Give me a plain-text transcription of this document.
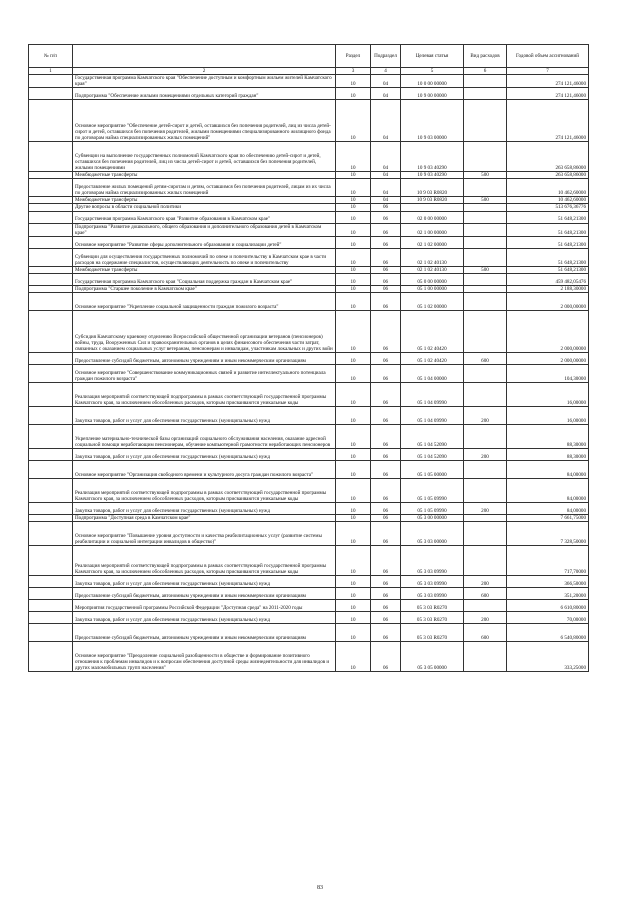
№ п/п		Раздел	Подраздел	Целевая статья	Вид расходов	Годовой объем ассигнований
1	2	3	4	5	6	7
	Государственная программа Камчатского края "Обеспечение доступным и комфортным жильем жителей Камчатского края"	10	04	10 0 00 00000		274 121,46000
	Подпрограмма "Обеспечение жилыми помещениями отдельных категорий граждан"	10	04	10 9 00 00000		274 121,46000
	Основное мероприятие "Обеспечение детей-сирот и детей, оставшихся без попечения родителей, лиц из числа детей-сирот и детей, оставшихся без попечения родителей, жилыми помещениями специализированного жилищного фонда по договорам найма специализированных жилых помещений"	10	04	10 9 03 00000		274 121,46000
	Субвенции на выполнение государственных полномочий Камчатского края по обеспечению детей-сирот и детей, оставшихся без попечения родителей, лиц из числа детей-сирот и детей, оставшихся без попечения родителей, жилыми помещениями	10	04	10 9 03 40290		263 658,86000
	Межбюджетные трансферты	10	04	10 9 03 40290	500	263 658,86000
	Предоставление жилых помещений детям-сиротам и детям, оставшимся без попечения родителей, лицам из их числа по договорам найма специализированных жилых помещений	10	04	10 9 03 R0820		10 462,60000
	Межбюджетные трансферты	10	04	10 9 03 R0820	500	10 462,60000
	Другие вопросы в области социальной политики	10	06			513 676,36776
	Государственная программа Камчатского края "Развитие образования в Камчатском крае"	10	06	02 0 00 00000		51 648,21300
	Подпрограмма "Развитие дошкольного, общего образования и дополнительного образования детей в Камчатском крае"	10	06	02 1 00 00000		51 648,21300
	Основное мероприятие "Развитие сферы дополнительного образования и социализации детей"	10	06	02 1 02 00000		51 648,21300
	Субвенции для осуществления государственных полномочий по опеке и попечительству в Камчатском крае в части расходов на содержание специалистов, осуществляющих деятельность по опеке и попечительству	10	06	02 1 02 40130		51 648,21300
	Межбюджетные трансферты	10	06	02 1 02 40130	500	51 648,21300
	Государственная программа Камчатского края "Социальная поддержка граждан в Камчатском крае"	10	06	05 0 00 00000		459 482,05476
	Подпрограмма "Старшее поколение в Камчатском крае"	10	06	05 1 00 00000		2 188,30000
	Основное мероприятие "Укрепление социальной защищенности граждан пожилого возраста"	10	06	05 1 02 00000		2 000,00000
	Субсидия Камчатскому краевому отделению Всероссийской общественной организации ветеранов (пенсионеров) войны, труда, Вооруженных Сил и правоохранительных органов в целях финансового обеспечения части затрат, связанных с оказанием социальных услуг ветеранам, пенсионерам и инвалидам, участникам локальных и других войн	10	06	05 1 02 40420		2 000,00000
	Предоставление субсидий бюджетным, автономным учреждениям и иным некоммерческим организациям	10	06	05 1 02 40420	600	2 000,00000
	Основное мероприятие "Совершенствование коммуникационных связей и развитие интеллектуального потенциала граждан пожилого возраста"	10	06	05 1 04 00000		104,30000
	Реализация мероприятий соответствующей подпрограммы в рамках соответствующей государственной программы Камчатского края, за исключением обособленных расходов, которым присваиваются уникальные коды	10	06	05 1 04 09990		16,00000
	Закупка товаров, работ и услуг для обеспечения государственных (муниципальных) нужд	10	06	05 1 04 09990	200	16,00000
	Укрепление материально-технической базы организаций социального обслуживания населения, оказание адресной социальной помощи неработающим пенсионерам, обучение компьютерной грамотности неработающих пенсионеров	10	06	05 1 04 52090		88,30000
	Закупка товаров, работ и услуг для обеспечения государственных (муниципальных) нужд	10	06	05 1 04 52090	200	88,30000
	Основное мероприятие "Организация свободного времени и культурного досуга граждан пожилого возраста"	10	06	05 1 05 00000		84,00000
	Реализация мероприятий соответствующей подпрограммы в рамках соответствующей государственной программы Камчатского края, за исключением обособленных расходов, которым присваиваются уникальные коды	10	06	05 1 05 09990		84,00000
	Закупка товаров, работ и услуг для обеспечения государственных (муниципальных) нужд	10	06	05 1 05 09990	200	84,00000
	Подпрограмма "Доступная среда в Камчатском крае"	10	06	05 3 00 00000		7 661,75000
	Основное мероприятие "Повышение уровня доступности и качества реабилитационных услуг (развитие системы реабилитации и социальной интеграции инвалидов в общество)"	10	06	05 3 03 00000		7 328,50000
	Реализация мероприятий соответствующей подпрограммы в рамках соответствующей государственной программы Камчатского края, за исключением обособленных расходов, которым присваиваются уникальные коды	10	06	05 3 03 09990		717,70000
	Закупка товаров, работ и услуг для обеспечения государственных (муниципальных) нужд	10	06	05 3 03 09990	200	366,50000
	Предоставление субсидий бюджетным, автономным учреждениям и иным некоммерческим организациям	10	06	05 3 03 09990	600	351,20000
	Мероприятия государственной программы Российской Федерации "Доступная среда" на 2011-2020 годы	10	06	05 3 03 R0270		6 610,80000
	Закупка товаров, работ и услуг для обеспечения государственных (муниципальных) нужд	10	06	05 3 03 R0270	200	70,00000
	Предоставление субсидий бюджетным, автономным учреждениям и иным некоммерческим организациям	10	06	05 3 03 R0270	600	6 540,80000
	Основное мероприятие "Преодоление социальной разобщенности в обществе и формирование позитивного отношения к проблемам инвалидов и к вопросам обеспечения доступной среды жизнедеятельности для инвалидов и других маломобильных групп населения"	10	06	05 3 05 00000		333,25000
83
